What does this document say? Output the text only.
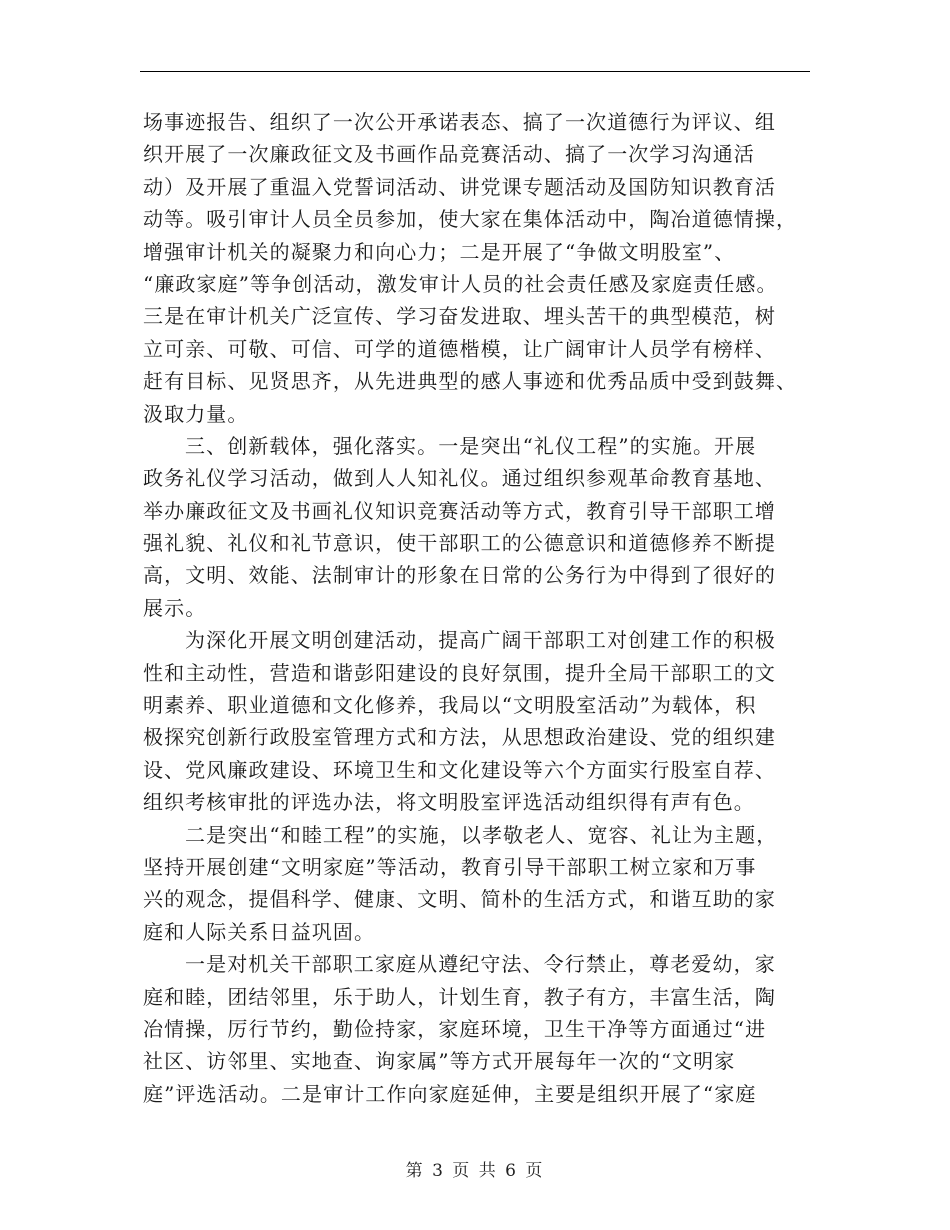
场事迹报告、组织了一次公开承诺表态、搞了一次道德行为评议、组
织开展了一次廉政征文及书画作品竞赛活动、搞了一次学习沟通活
动）及开展了重温入党誓词活动、讲党课专题活动及国防知识教育活
动等。吸引审计人员全员参加，使大家在集体活动中，陶冶道德情操，
增强审计机关的凝聚力和向心力；二是开展了“争做文明股室”、
“廉政家庭”等争创活动，激发审计人员的社会责任感及家庭责任感。
三是在审计机关广泛宣传、学习奋发进取、埋头苦干的典型模范，树
立可亲、可敬、可信、可学的道德楷模，让广阔审计人员学有榜样、
赶有目标、见贤思齐，从先进典型的感人事迹和优秀品质中受到鼓舞、
汲取力量。
三、创新载体，强化落实。一是突出“礼仪工程”的实施。开展
政务礼仪学习活动，做到人人知礼仪。通过组织参观革命教育基地、
举办廉政征文及书画礼仪知识竞赛活动等方式，教育引导干部职工增
强礼貌、礼仪和礼节意识，使干部职工的公德意识和道德修养不断提
高，文明、效能、法制审计的形象在日常的公务行为中得到了很好的
展示。
为深化开展文明创建活动，提高广阔干部职工对创建工作的积极
性和主动性，营造和谐彭阳建设的良好氛围，提升全局干部职工的文
明素养、职业道德和文化修养，我局以“文明股室活动”为载体，积
极探究创新行政股室管理方式和方法，从思想政治建设、党的组织建
设、党风廉政建设、环境卫生和文化建设等六个方面实行股室自荐、
组织考核审批的评选办法，将文明股室评选活动组织得有声有色。
二是突出“和睦工程”的实施，以孝敬老人、宽容、礼让为主题，
坚持开展创建“文明家庭”等活动，教育引导干部职工树立家和万事
兴的观念，提倡科学、健康、文明、简朴的生活方式，和谐互助的家
庭和人际关系日益巩固。
一是对机关干部职工家庭从遵纪守法、令行禁止，尊老爱幼，家
庭和睦，团结邻里，乐于助人，计划生育，教子有方，丰富生活，陶
冶情操，厉行节约，勤俭持家，家庭环境，卫生干净等方面通过“进
社区、访邻里、实地查、询家属”等方式开展每年一次的“文明家
庭”评选活动。二是审计工作向家庭延伸，主要是组织开展了“家庭
第 3 页 共 6 页
